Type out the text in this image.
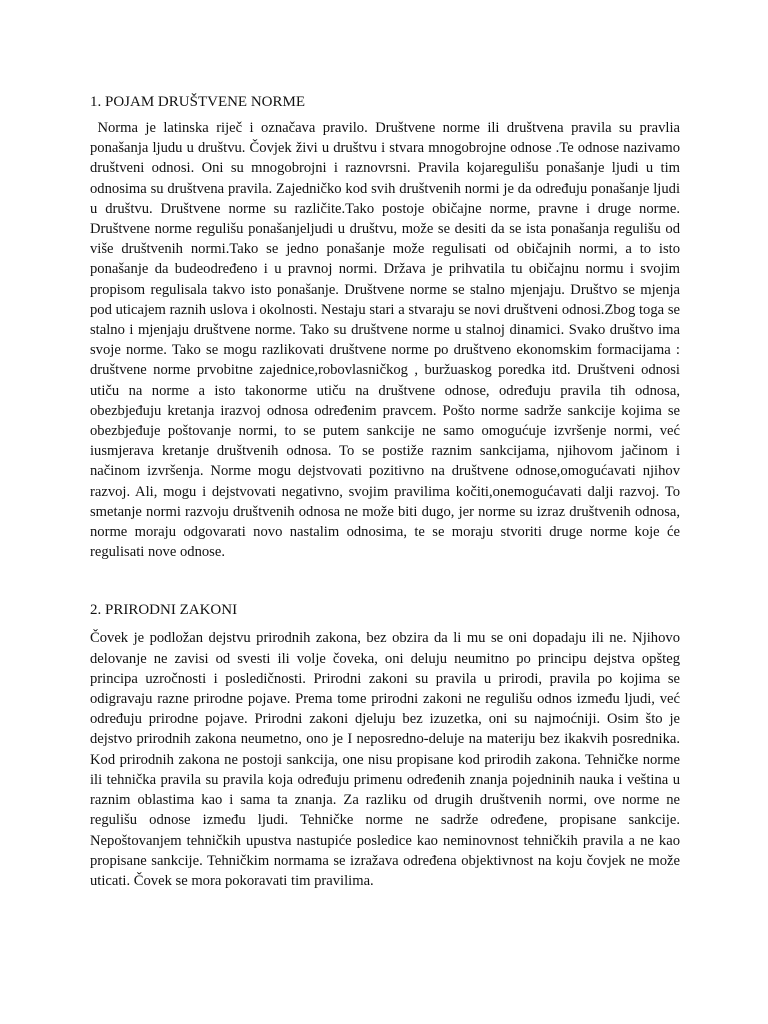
1. POJAM DRUŠTVENE NORME

Norma je latinska riječ i označava pravilo. Društvene norme ili društvena pravila su pravlia ponašanja ljudu u društvu. Čovjek živi u društvu i stvara mnogobrojne odnose .Te odnose nazivamo društveni odnosi. Oni su mnogobrojni i raznovrsni. Pravila kojaregulišu ponašanje ljudi u tim odnosima su društvena pravila. Zajedničko kod svih društvenih normi je da određuju ponašanje ljudi u društvu. Društvene norme su različite.Tako postoje običajne norme, pravne i druge norme. Društvene norme regulišu ponašanjeljudi u društvu, može se desiti da se ista ponašanja regulišu od više društvenih normi.Tako se jedno ponašanje može regulisati od običajnih normi, a to isto ponašanje da budeodređeno i u pravnoj normi. Država je prihvatila tu običajnu normu i svojim propisom regulisala takvo isto ponašanje. Društvene norme se stalno mjenjaju. Društvo se mjenja pod uticajem raznih uslova i okolnosti. Nestaju stari a stvaraju se novi društveni odnosi.Zbog toga se stalno i mjenjaju društvene norme. Tako su društvene norme u stalnoj dinamici. Svako društvo ima svoje norme. Tako se mogu razlikovati društvene norme po društveno ekonomskim formacijama : društvene norme prvobitne zajednice,robovlasničkog , buržuaskog poredka itd. Društveni odnosi utiču na norme a isto takonorme utiču na društvene odnose, određuju pravila tih odnosa, obezbjeđuju kretanja irazvoj odnosa određenim pravcem. Pošto norme sadrže sankcije kojima se obezbjeđuje poštovanje normi, to se putem sankcije ne samo omogućuje izvršenje normi, već iusmjerava kretanje društvenih odnosa. To se postiže raznim sankcijama, njihovom jačinom i načinom izvršenja. Norme mogu dejstvovati pozitivno na društvene odnose,omogućavati njihov razvoj. Ali, mogu i dejstvovati negativno, svojim pravilima kočiti,onemogućavati dalji razvoj. To smetanje normi razvoju društvenih odnosa ne može biti dugo, jer norme su izraz društvenih odnosa, norme moraju odgovarati novo nastalim odnosima, te se moraju stvoriti druge norme koje će regulisati nove odnose.

2. PRIRODNI ZAKONI

Čovek je podložan dejstvu prirodnih zakona, bez obzira da li mu se oni dopadaju ili ne. Njihovo delovanje ne zavisi od svesti ili volje čoveka, oni deluju neumitno po principu dejstva opšteg principa uzročnosti i posledičnosti. Prirodni zakoni su pravila u prirodi, pravila po kojima se odigravaju razne prirodne pojave. Prema tome prirodni zakoni ne regulišu odnos između ljudi, već određuju prirodne pojave. Prirodni zakoni djeluju bez izuzetka, oni su najmoćniji. Osim što je dejstvo prirodnih zakona neumetno, ono je I neposredno-deluje na materiju bez ikakvih posrednika. Kod prirodnih zakona ne postoji sankcija, one nisu propisane kod prirodih zakona. Tehničke norme ili tehnička pravila su pravila koja određuju primenu određenih znanja pojedninih nauka i veština u raznim oblastima kao i sama ta znanja. Za razliku od drugih društvenih normi, ove norme ne regulišu odnose između ljudi. Tehničke norme ne sadrže određene, propisane sankcije. Nepoštovanjem tehničkih upustva nastupiće posledice kao neminovnost tehničkih pravila a ne kao propisane sankcije. Tehničkim normama se izražava određena objektivnost na koju čovjek ne može uticati. Čovek se mora pokoravati tim pravilima.
